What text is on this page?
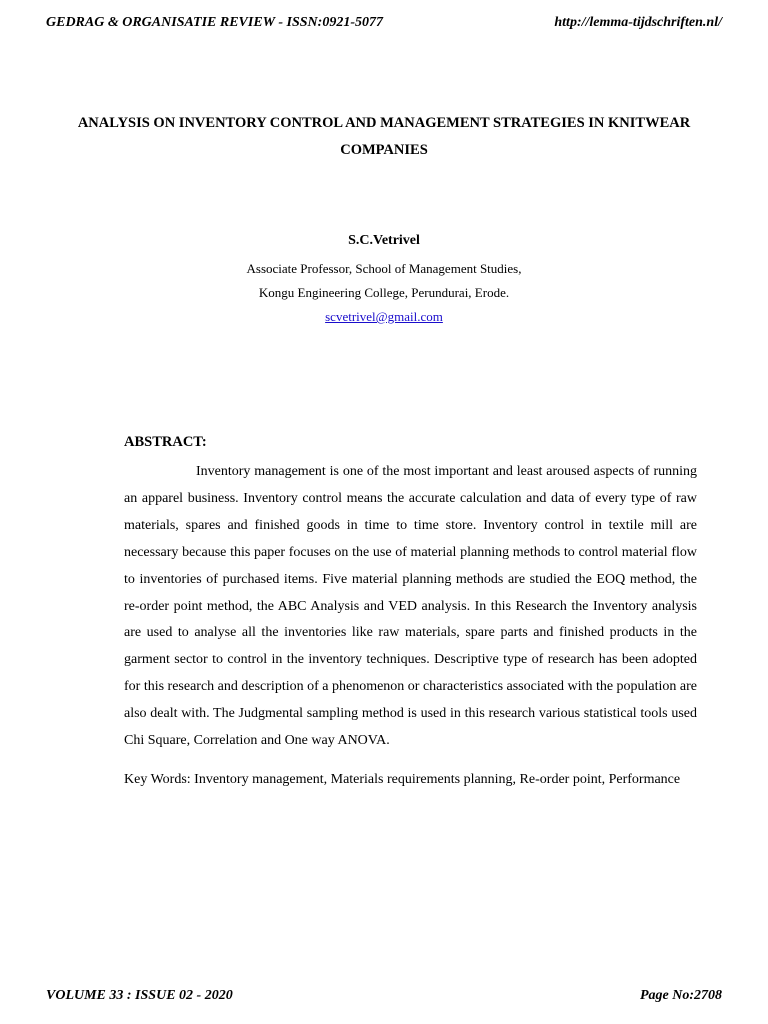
GEDRAG & ORGANISATIE REVIEW - ISSN:0921-5077	http://lemma-tijdschriften.nl/
ANALYSIS ON INVENTORY CONTROL AND MANAGEMENT STRATEGIES IN KNITWEAR COMPANIES
S.C.Vetrivel
Associate Professor, School of Management Studies,
Kongu Engineering College, Perundurai, Erode.
scvetrivel@gmail.com
ABSTRACT:

Inventory management is one of the most important and least aroused aspects of running an apparel business. Inventory control means the accurate calculation and data of every type of raw materials, spares and finished goods in time to time store. Inventory control in textile mill are necessary because this paper focuses on the use of material planning methods to control material flow to inventories of purchased items. Five material planning methods are studied the EOQ method, the re-order point method, the ABC Analysis and VED analysis. In this Research the Inventory analysis are used to analyse all the inventories like raw materials, spare parts and finished products in the garment sector to control in the inventory techniques. Descriptive type of research has been adopted for this research and description of a phenomenon or characteristics associated with the population are also dealt with. The Judgmental sampling method is used in this research various statistical tools used Chi Square, Correlation and One way ANOVA.

Key Words: Inventory management, Materials requirements planning, Re-order point, Performance

VOLUME 33 : ISSUE 02 - 2020	Page No:2708
